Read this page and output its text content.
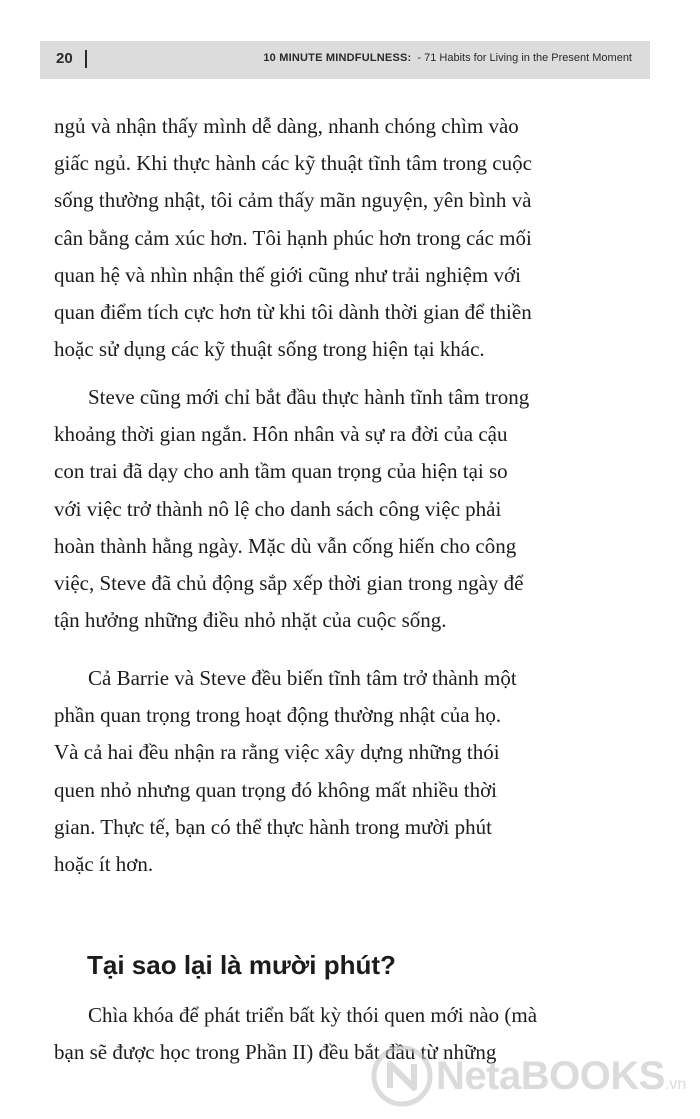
20	10 MINUTE MINDFULNESS: - 71 Habits for Living in the Present Moment

ngủ và nhận thấy mình dễ dàng, nhanh chóng chìm vào
giấc ngủ. Khi thực hành các kỹ thuật tĩnh tâm trong cuộc
sống thường nhật, tôi cảm thấy mãn nguyện, yên bình và
cân bằng cảm xúc hơn. Tôi hạnh phúc hơn trong các mối
quan hệ và nhìn nhận thế giới cũng như trải nghiệm với
quan điểm tích cực hơn từ khi tôi dành thời gian để thiền
hoặc sử dụng các kỹ thuật sống trong hiện tại khác.

Steve cũng mới chỉ bắt đầu thực hành tĩnh tâm trong
khoảng thời gian ngắn. Hôn nhân và sự ra đời của cậu
con trai đã dạy cho anh tầm quan trọng của hiện tại so
với việc trở thành nô lệ cho danh sách công việc phải
hoàn thành hằng ngày. Mặc dù vẫn cống hiến cho công
việc, Steve đã chủ động sắp xếp thời gian trong ngày để
tận hưởng những điều nhỏ nhặt của cuộc sống.

Cả Barrie và Steve đều biến tĩnh tâm trở thành một
phần quan trọng trong hoạt động thường nhật của họ.
Và cả hai đều nhận ra rằng việc xây dựng những thói
quen nhỏ nhưng quan trọng đó không mất nhiều thời
gian. Thực tế, bạn có thể thực hành trong mười phút
hoặc ít hơn.

Tại sao lại là mười phút?

Chìa khóa để phát triển bất kỳ thói quen mới nào (mà
bạn sẽ được học trong Phần II) đều bắt đầu từ những

NetaBOOKS.vn
